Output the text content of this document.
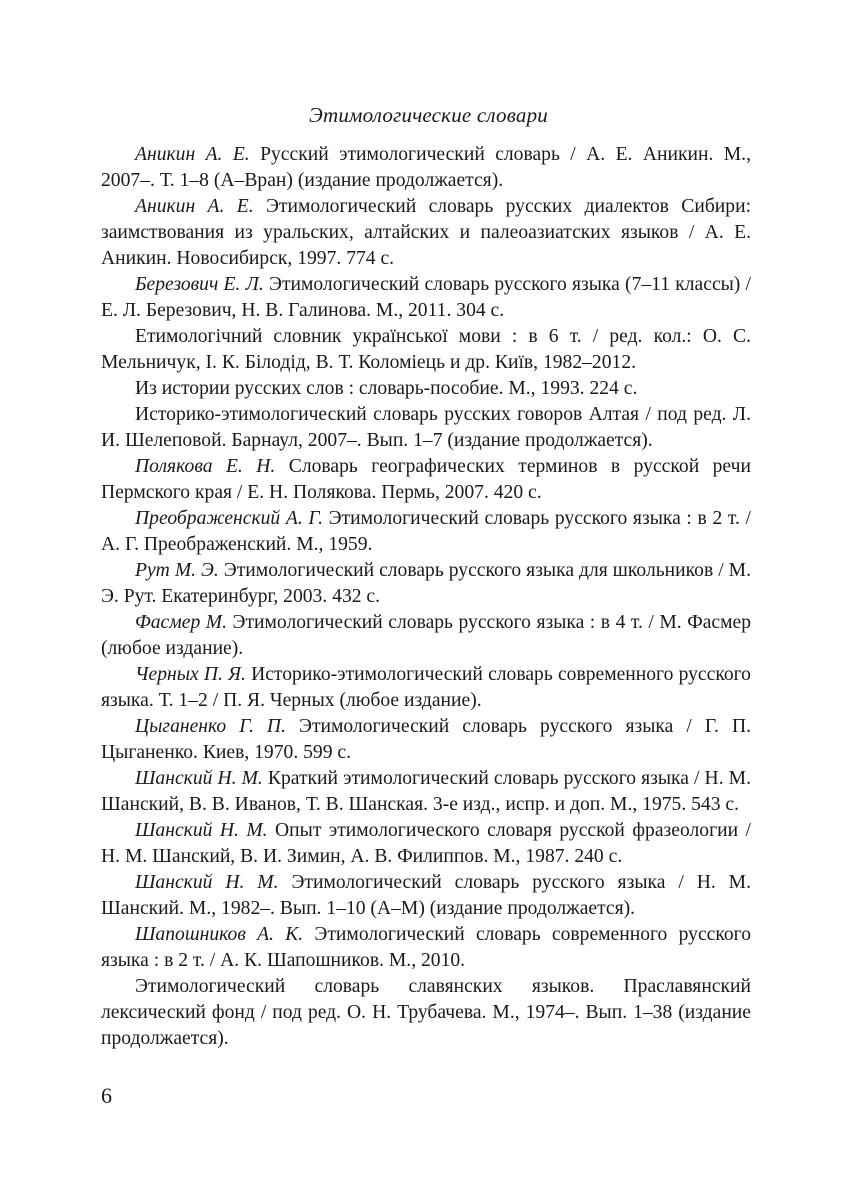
Этимологические словари

Аникин А. Е. Русский этимологический словарь / А. Е. Аникин. М., 2007–. Т. 1–8 (А–Вран) (издание продолжается).

Аникин А. Е. Этимологический словарь русских диалектов Сибири: заимствования из уральских, алтайских и палеоазиатских языков / А. Е. Аникин. Новосибирск, 1997. 774 с.

Березович Е. Л. Этимологический словарь русского языка (7–11 классы) / Е. Л. Березович, Н. В. Галинова. М., 2011. 304 с.

Етимологічний словник української мови : в 6 т. / ред. кол.: О. С. Мельничук, І. К. Білодід, В. Т. Коломіець и др. Київ, 1982–2012.

Из истории русских слов : словарь-пособие. М., 1993. 224 с.

Историко-этимологический словарь русских говоров Алтая / под ред. Л. И. Шелеповой. Барнаул, 2007–. Вып. 1–7 (издание продолжается).

Полякова Е. Н. Словарь географических терминов в русской речи Пермского края / Е. Н. Полякова. Пермь, 2007. 420 с.

Преображенский А. Г. Этимологический словарь русского языка : в 2 т. / А. Г. Преображенский. М., 1959.

Рут М. Э. Этимологический словарь русского языка для школьников / М. Э. Рут. Екатеринбург, 2003. 432 с.

Фасмер М. Этимологический словарь русского языка : в 4 т. / М. Фасмер (любое издание).

Черных П. Я. Историко-этимологический словарь современного русского языка. Т. 1–2 / П. Я. Черных (любое издание).

Цыганенко Г. П. Этимологический словарь русского языка / Г. П. Цыганенко. Киев, 1970. 599 с.

Шанский Н. М. Краткий этимологический словарь русского языка / Н. М. Шанский, В. В. Иванов, Т. В. Шанская. 3-е изд., испр. и доп. М., 1975. 543 с.

Шанский Н. М. Опыт этимологического словаря русской фразеологии / Н. М. Шанский, В. И. Зимин, А. В. Филиппов. М., 1987. 240 с.

Шанский Н. М. Этимологический словарь русского языка / Н. М. Шанский. М., 1982–. Вып. 1–10 (А–М) (издание продолжается).

Шапошников А. К. Этимологический словарь современного русского языка : в 2 т. / А. К. Шапошников. М., 2010.

Этимологический словарь славянских языков. Праславянский лексический фонд / под ред. О. Н. Трубачева. М., 1974–. Вып. 1–38 (издание продолжается).

6
